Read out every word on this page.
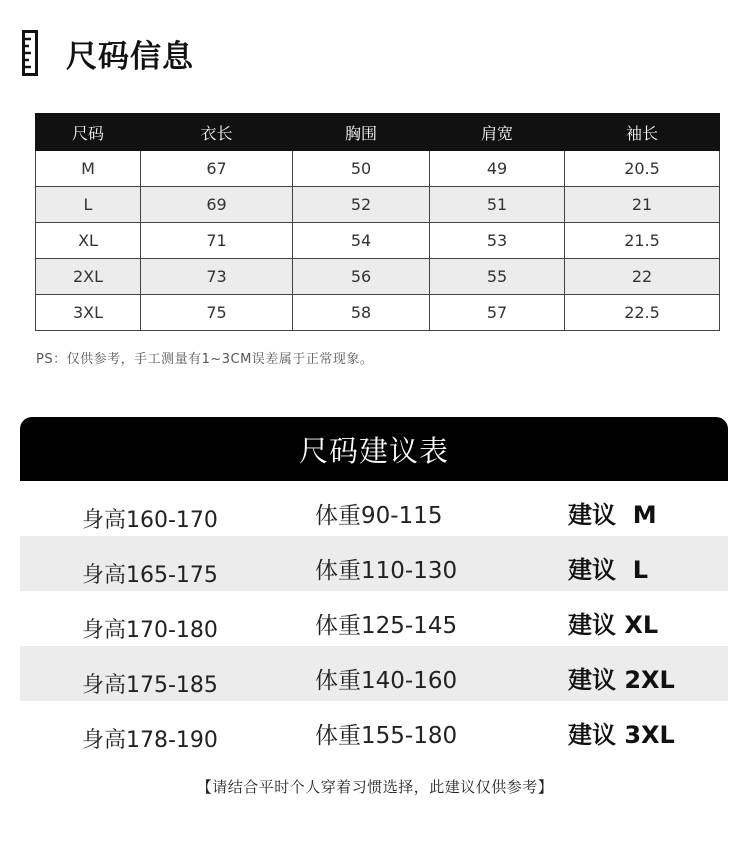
尺码信息
尺码	衣长	胸围	肩宽	袖长
M	67	50	49	20.5
L	69	52	51	21
XL	71	54	53	21.5
2XL	73	56	55	22
3XL	75	58	57	22.5
PS：仅供参考，手工测量有1~3CM误差属于正常现象。
尺码建议表
身高160-170	体重90-115	建议  M
身高165-175	体重110-130	建议  L
身高170-180	体重125-145	建议 XL
身高175-185	体重140-160	建议 2XL
身高178-190	体重155-180	建议 3XL
【请结合平时个人穿着习惯选择，此建议仅供参考】
